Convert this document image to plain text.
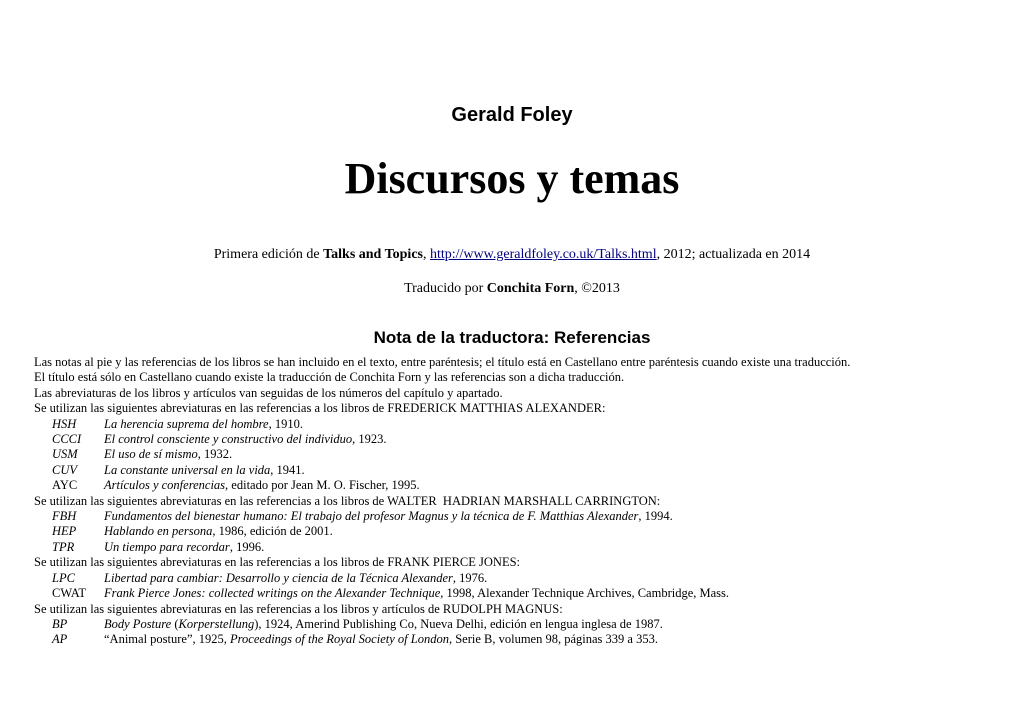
Gerald Foley
Discursos y temas
Primera edición de Talks and Topics, http://www.geraldfoley.co.uk/Talks.html, 2012; actualizada en 2014
Traducido por Conchita Forn, ©2013
Nota de la traductora: Referencias
Las notas al pie y las referencias de los libros se han incluido en el texto, entre paréntesis; el título está en Castellano entre paréntesis cuando existe una traducción.
El título está sólo en Castellano cuando existe la traducción de Conchita Forn y las referencias son a dicha traducción.
Las abreviaturas de los libros y artículos van seguidas de los números del capítulo y apartado.
Se utilizan las siguientes abreviaturas en las referencias a los libros de FREDERICK MATTHIAS ALEXANDER:
HSH La herencia suprema del hombre, 1910.
CCCI El control consciente y constructivo del individuo, 1923.
USM El uso de sí mismo, 1932.
CUV La constante universal en la vida, 1941.
AYC Artículos y conferencias, editado por Jean M. O. Fischer, 1995.
Se utilizan las siguientes abreviaturas en las referencias a los libros de WALTER  HADRIAN MARSHALL CARRINGTON:
FBH Fundamentos del bienestar humano: El trabajo del profesor Magnus y la técnica de F. Matthias Alexander, 1994.
HEP Hablando en persona, 1986, edición de 2001.
TPR Un tiempo para recordar, 1996.
Se utilizan las siguientes abreviaturas en las referencias a los libros de FRANK PIERCE JONES:
LPC Libertad para cambiar: Desarrollo y ciencia de la Técnica Alexander, 1976.
CWAT Frank Pierce Jones: collected writings on the Alexander Technique, 1998, Alexander Technique Archives, Cambridge, Mass.
Se utilizan las siguientes abreviaturas en las referencias a los libros y artículos de RUDOLPH MAGNUS:
BP	Body Posture (Korperstellung), 1924, Amerind Publishing Co, Nueva Delhi, edición en lengua inglesa de 1987.
AP	“Animal posture”, 1925, Proceedings of the Royal Society of London, Serie B, volumen 98, páginas 339 a 353.
